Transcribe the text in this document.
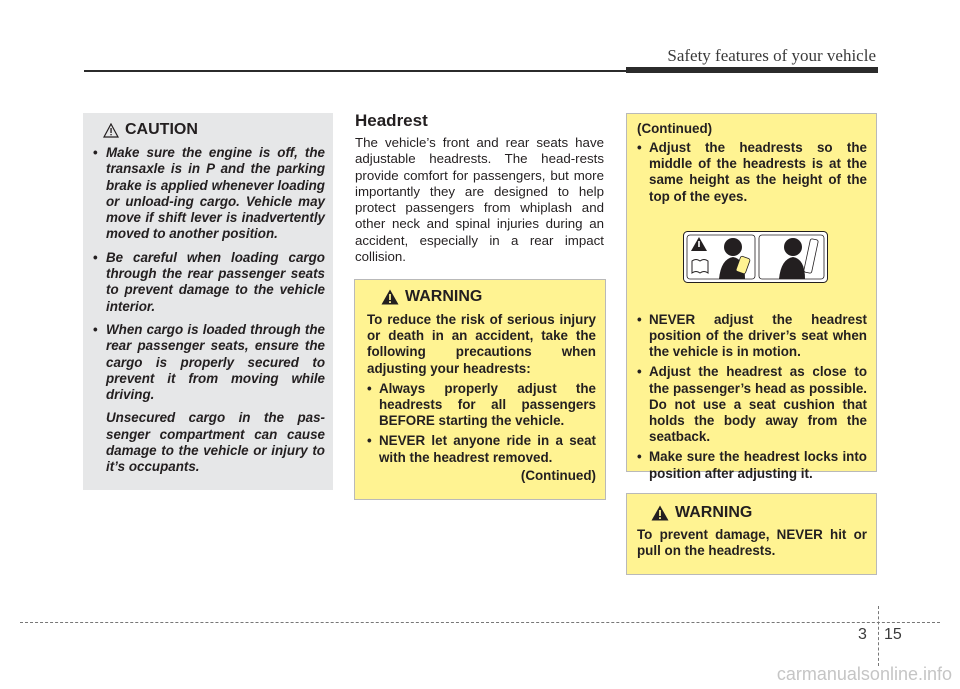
Safety features of your vehicle
CAUTION
• Make sure the engine is off, the transaxle is in P and the parking brake is applied whenever loading or unload-ing cargo. Vehicle may move if shift lever is inadvertently moved to another position.
• Be careful when loading cargo through the rear passenger seats to prevent damage to the vehicle interior.
• When cargo is loaded through the rear passenger seats, ensure the cargo is properly secured to prevent it from moving while driving.

Unsecured cargo in the pas-senger compartment can cause damage to the vehicle or injury to it’s occupants.

Headrest

The vehicle’s front and rear seats have adjustable headrests. The head-rests provide comfort for passengers, but more importantly they are designed to help protect passengers from whiplash and other neck and spinal injuries during an accident, especially in a rear impact collision.

WARNING

To reduce the risk of serious injury or death in an accident, take the following precautions when adjusting your headrests:

• Always properly adjust the headrests for all passengers BEFORE starting the vehicle.
• NEVER let anyone ride in a seat with the headrest removed.
(Continued)
(Continued)
• Adjust the headrests so the middle of the headrests is at the same height as the height of the top of the eyes.
• NEVER adjust the headrest position of the driver’s seat when the vehicle is in motion.
• Adjust the headrest as close to the passenger’s head as possible. Do not use a seat cushion that holds the body away from the seatback.
• Make sure the headrest locks into position after adjusting it.
WARNING

To prevent damage, NEVER hit or pull on the headrests.

3 15
carmanualsonline.info
